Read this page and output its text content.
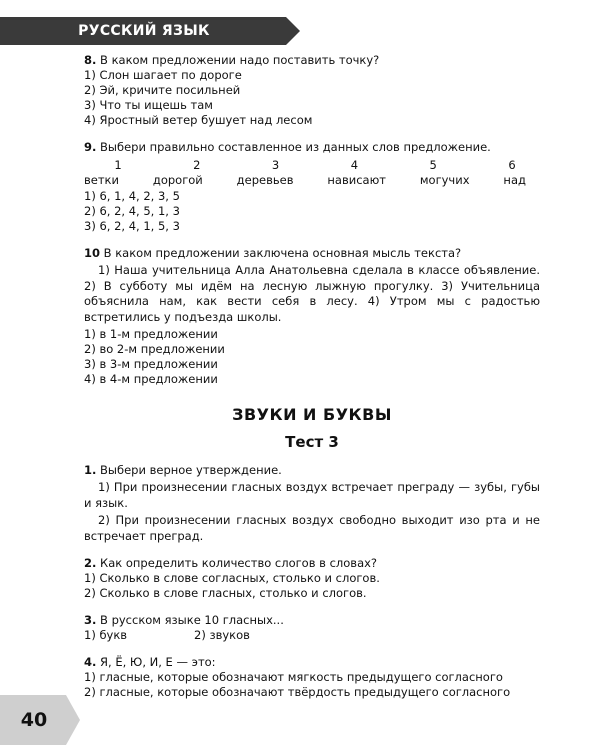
РУССКИЙ ЯЗЫК
8. В каком предложении надо поставить точку?
1) Слон шагает по дороге
2) Эй, кричите посильней
3) Что ты ищешь там
4) Яростный ветер бушует над лесом
9. Выбери правильно составленное из данных слов предложение.
1	2	3	4	5	6
ветки	дорогой	деревьев	нависают	могучих	над
1) 6, 1, 4, 2, 3, 5
2) 6, 2, 4, 5, 1, 3
3) 6, 2, 4, 1, 5, 3
10 В каком предложении заключена основная мысль текста?
1) Наша учительница Алла Анатольевна сделала в классе объявление. 2) В субботу мы идём на лесную лыжную прогулку. 3) Учительница объяснила нам, как вести себя в лесу. 4) Утром мы с радостью встретились у подъезда школы.
1) в 1-м предложении
2) во 2-м предложении
3) в 3-м предложении
4) в 4-м предложении
ЗВУКИ И БУКВЫ
Тест 3
1. Выбери верное утверждение.
1) При произнесении гласных воздух встречает преграду — зубы, губы и язык.
2) При произнесении гласных воздух свободно выходит изо рта и не встречает преград.
2. Как определить количество слогов в словах?
1) Сколько в слове согласных, столько и слогов.
2) Сколько в слове гласных, столько и слогов.
3. В русском языке 10 гласных...
1) букв	2) звуков
4. Я, Ё, Ю, И, Е — это:
1) гласные, которые обозначают мягкость предыдущего согласного
2) гласные, которые обозначают твёрдость предыдущего согласного
40
